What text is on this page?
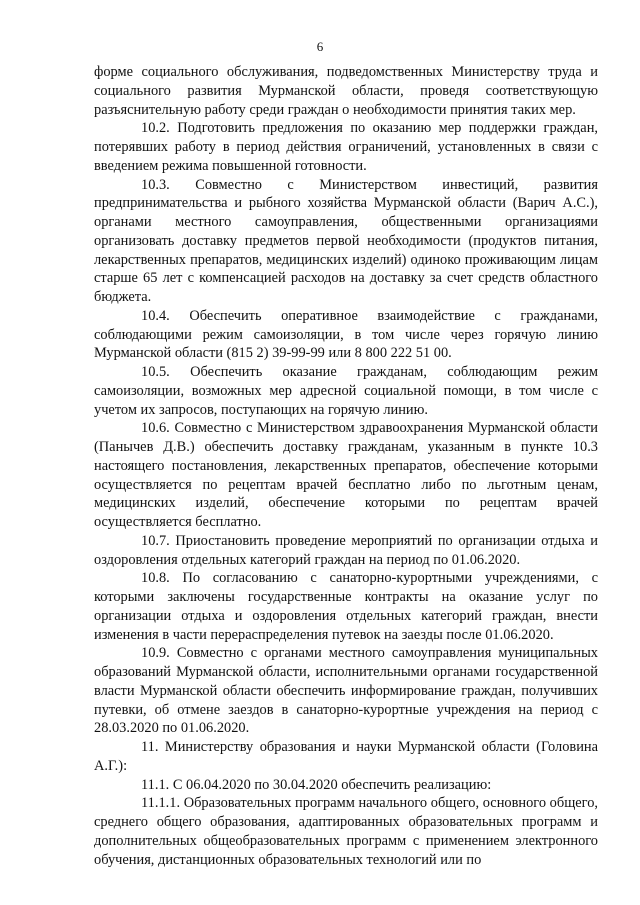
6

форме социального обслуживания, подведомственных Министерству труда и социального развития Мурманской области, проведя соответствующую разъяснительную работу среди граждан о необходимости принятия таких мер.

10.2. Подготовить предложения по оказанию мер поддержки граждан, потерявших работу в период действия ограничений, установленных в связи с введением режима повышенной готовности.

10.3. Совместно с Министерством инвестиций, развития предпринимательства и рыбного хозяйства Мурманской области (Варич А.С.), органами местного самоуправления, общественными организациями организовать доставку предметов первой необходимости (продуктов питания, лекарственных препаратов, медицинских изделий) одиноко проживающим лицам старше 65 лет с компенсацией расходов на доставку за счет средств областного бюджета.

10.4. Обеспечить оперативное взаимодействие с гражданами, соблюдающими режим самоизоляции, в том числе через горячую линию Мурманской области (815 2) 39-99-99 или 8 800 222 51 00.

10.5. Обеспечить оказание гражданам, соблюдающим режим самоизоляции, возможных мер адресной социальной помощи, в том числе с учетом их запросов, поступающих на горячую линию.

10.6. Совместно с Министерством здравоохранения Мурманской области (Панычев Д.В.) обеспечить доставку гражданам, указанным в пункте 10.3 настоящего постановления, лекарственных препаратов, обеспечение которыми осуществляется по рецептам врачей бесплатно либо по льготным ценам, медицинских изделий, обеспечение которыми по рецептам врачей осуществляется бесплатно.

10.7. Приостановить проведение мероприятий по организации отдыха и оздоровления отдельных категорий граждан на период по 01.06.2020.

10.8. По согласованию с санаторно-курортными учреждениями, с которыми заключены государственные контракты на оказание услуг по организации отдыха и оздоровления отдельных категорий граждан, внести изменения в части перераспределения путевок на заезды после 01.06.2020.

10.9. Совместно с органами местного самоуправления муниципальных образований Мурманской области, исполнительными органами государственной власти Мурманской области обеспечить информирование граждан, получивших путевки, об отмене заездов в санаторно-курортные учреждения на период с 28.03.2020 по 01.06.2020.

11. Министерству образования и науки Мурманской области (Головина А.Г.):

11.1. С 06.04.2020 по 30.04.2020 обеспечить реализацию:

11.1.1. Образовательных программ начального общего, основного общего, среднего общего образования, адаптированных образовательных программ и дополнительных общеобразовательных программ с применением электронного обучения, дистанционных образовательных технологий или по
